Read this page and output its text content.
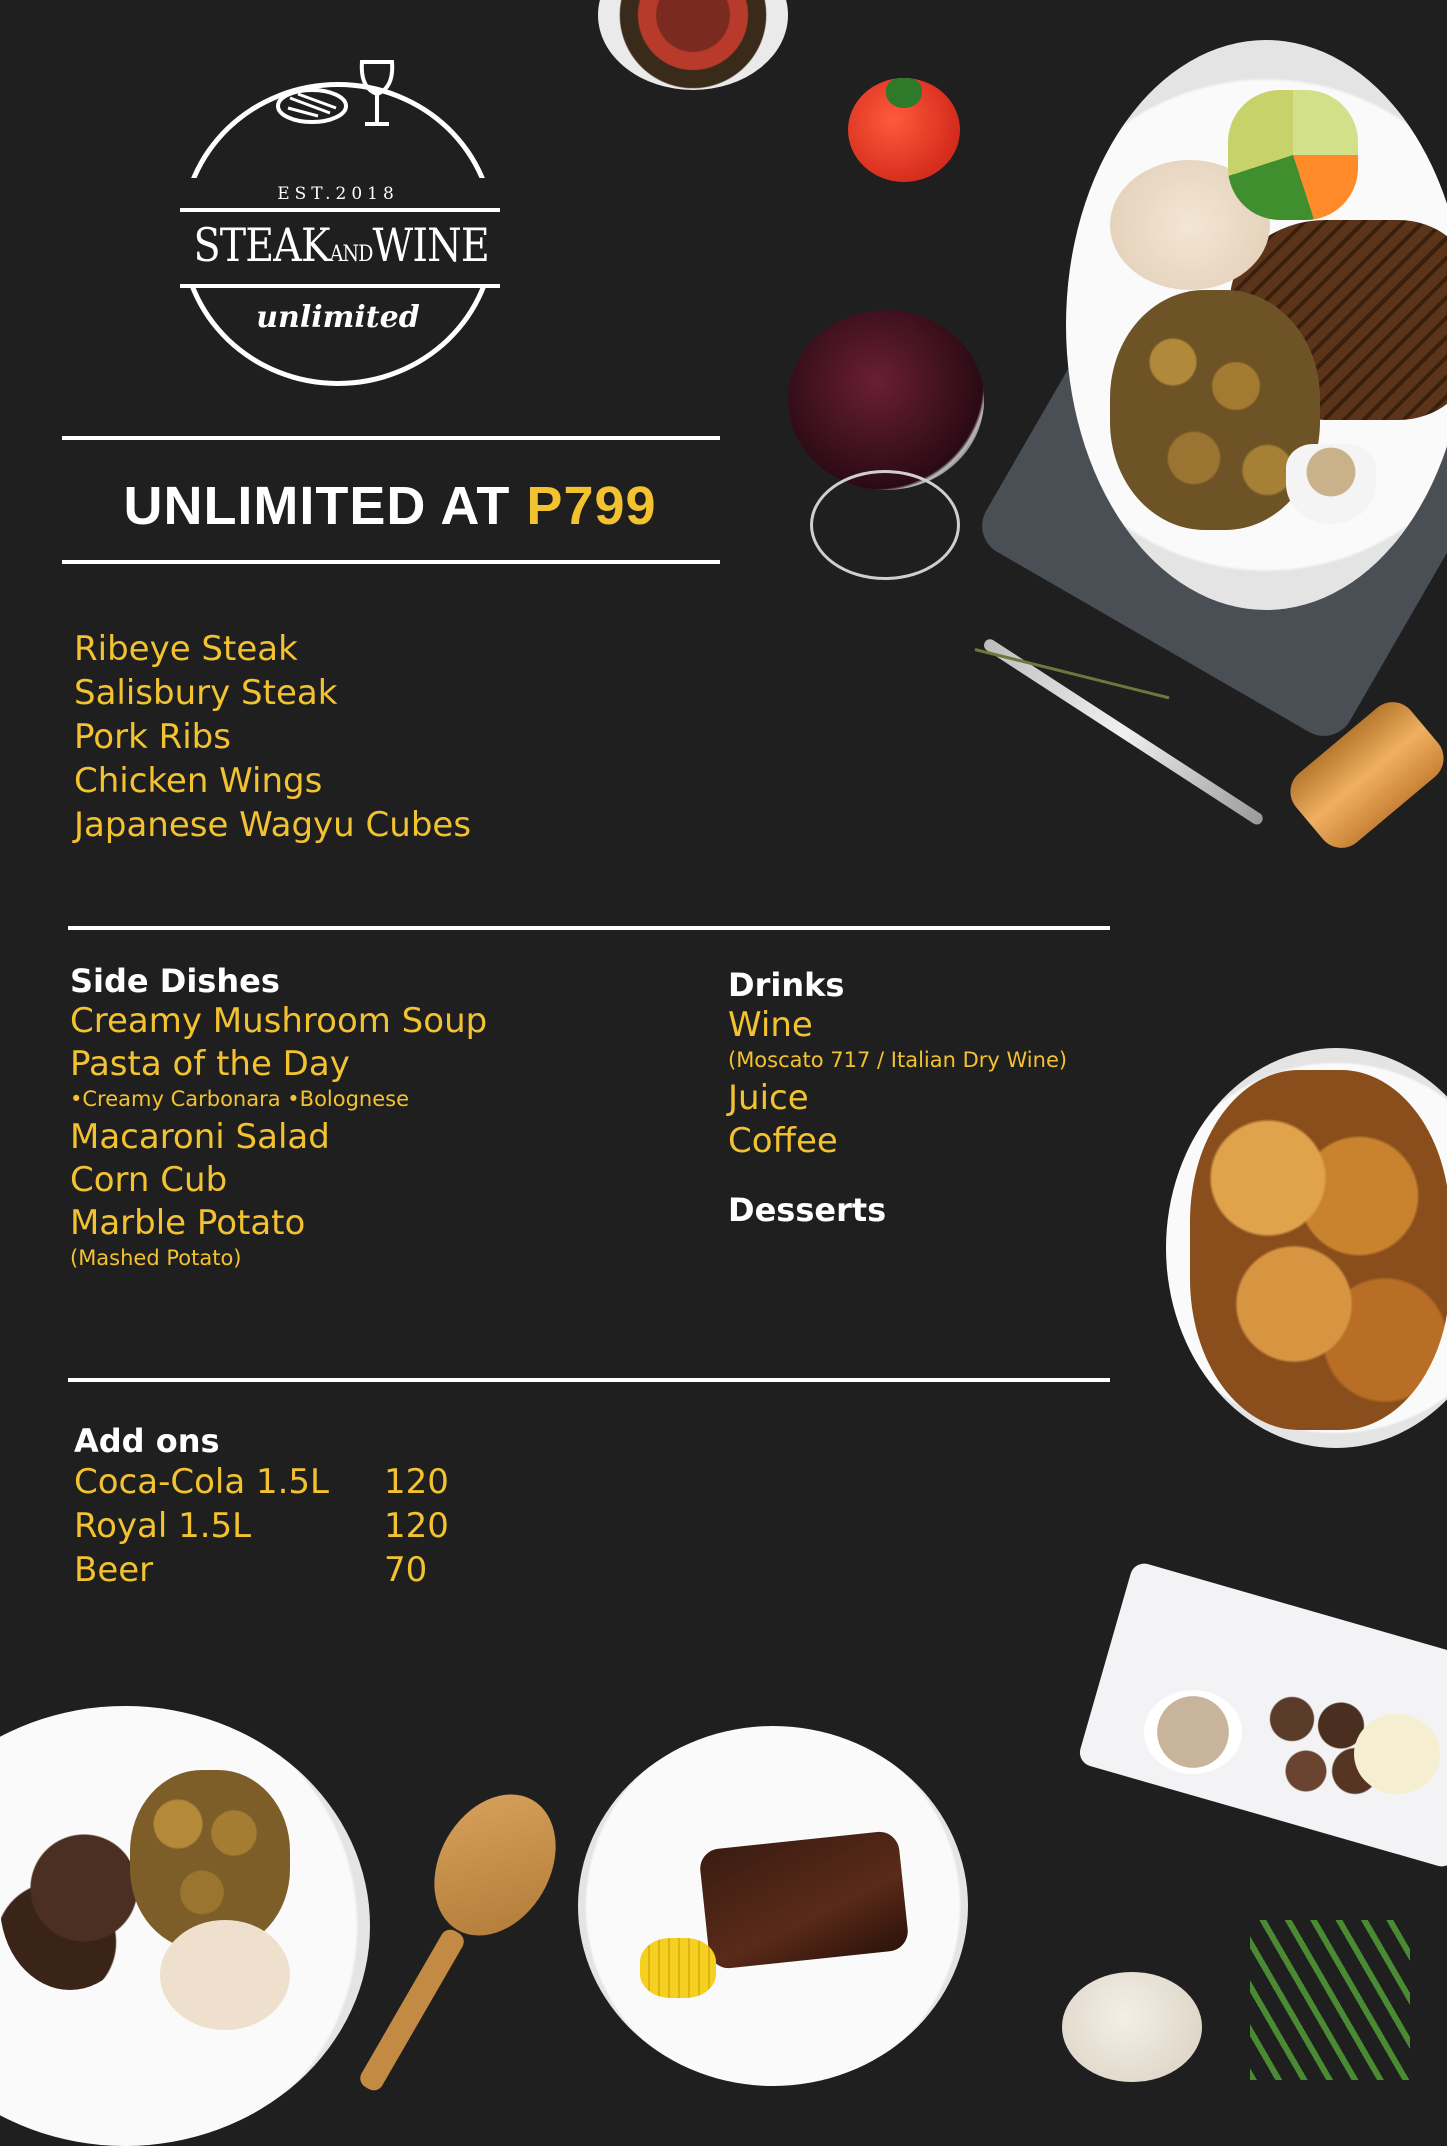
EST.2018
STEAKANDWINE
unlimited
UNLIMITED AT P799
Ribeye Steak
Salisbury Steak
Pork Ribs
Chicken Wings
Japanese Wagyu Cubes
Side Dishes
Creamy Mushroom Soup
Pasta of the Day
•Creamy Carbonara •Bolognese
Macaroni Salad
Corn Cub
Marble Potato
(Mashed Potato)
Drinks
Wine
(Moscato 717 / Italian Dry Wine)
Juice
Coffee
Desserts
Add ons
Coca-Cola 1.5L	120
Royal 1.5L	120
Beer	70
